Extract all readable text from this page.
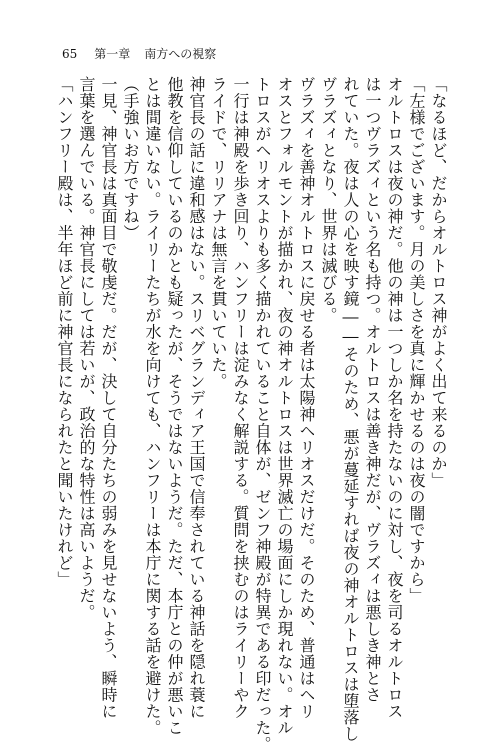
65 第一章 南方への視察
「なるほど、だからオルトロス神がよく出て来るのか」
「左様でございます。月の美しさを真に輝かせるのは夜の闇ですから」
オルトロスは夜の神だ。他の神は一つしか名を持たないのに対し、夜を司るオルトロス
は一つヴラズィという名も持つ。オルトロスは善き神だが、ヴラズィは悪しき神とさ
れていた。夜は人の心を映す鏡――そのため、悪が蔓延すれば夜の神オルトロスは堕落し
ヴラズィとなり、世界は滅びる。
ヴラズィを善神オルトロスに戻せる者は太陽神ヘリオスだけだ。そのため、普通はヘリ
オスとフォルモントが描かれ、夜の神オルトロスは世界滅亡の場面にしか現れない。オル
トロスがヘリオスよりも多く描かれていること自体が、ゼンフ神殿が特異である印だった。
一行は神殿を歩き回り、ハンフリーは淀みなく解説する。質問を挟むのはライリーやク
ライドで、リリアナは無言を貫いていた。
神官長の話に違和感はない。スリベグランディア王国で信奉されている神話を隠れ蓑に
他教を信仰しているのかとも疑ったが、そうではないようだ。ただ、本庁との仲が悪いこ
とは間違いない。ライリーたちが水を向けても、ハンフリーは本庁に関する話を避けた。
（手強いお方ですね）
一見、神官長は真面目で敬虔だ。だが、決して自分たちの弱みを見せないよう、瞬時に
言葉を選んでいる。神官長にしては若いが、政治的な特性は高いようだ。
「ハンフリー殿は、半年ほど前に神官長になられたと聞いたけれど」
